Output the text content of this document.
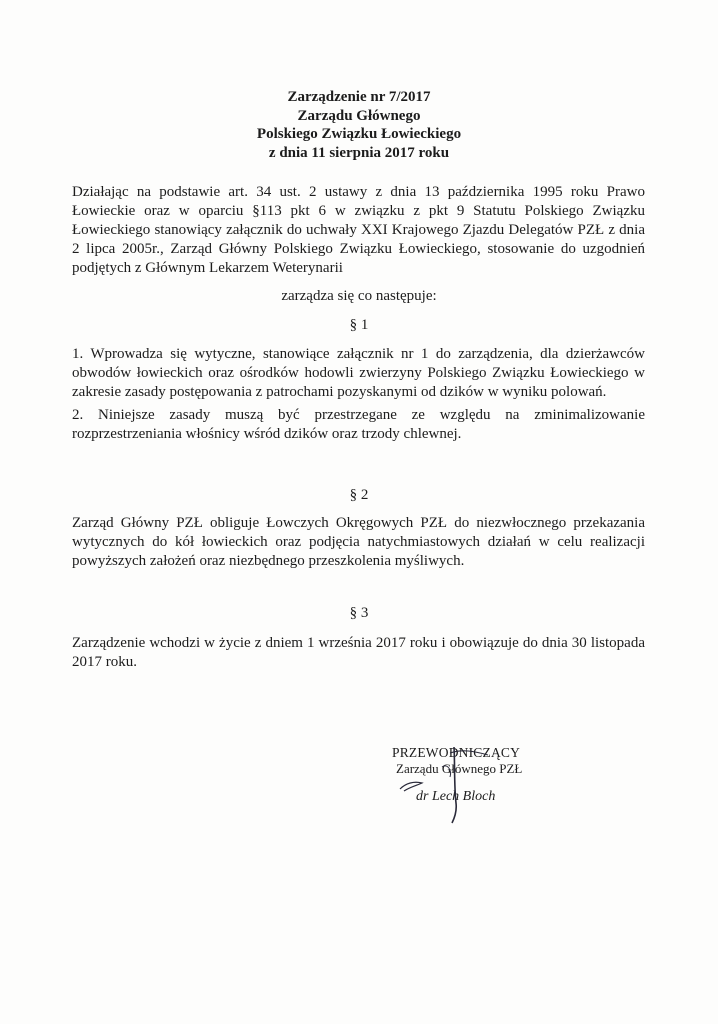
Zarządzenie nr 7/2017
Zarządu Głównego
Polskiego Związku Łowieckiego
z dnia 11 sierpnia 2017 roku
Działając na podstawie art. 34 ust. 2 ustawy z dnia 13 października 1995 roku Prawo Łowieckie oraz w oparciu §113 pkt 6 w związku z pkt 9 Statutu Polskiego Związku Łowieckiego stanowiący załącznik do uchwały XXI Krajowego Zjazdu Delegatów PZŁ z dnia 2 lipca 2005r., Zarząd Główny Polskiego Związku Łowieckiego, stosowanie do uzgodnień podjętych z Głównym Lekarzem Weterynarii
zarządza się co następuje:
§ 1
1. Wprowadza się wytyczne, stanowiące załącznik nr 1 do zarządzenia, dla dzierżawców obwodów łowieckich oraz ośrodków hodowli zwierzyny Polskiego Związku Łowieckiego w zakresie zasady postępowania z patrochami pozyskanymi od dzików w wyniku polowań.
2. Niniejsze zasady muszą być przestrzegane ze względu na zminimalizowanie rozprzestrzeniania włośnicy wśród dzików oraz trzody chlewnej.
§ 2
Zarząd Główny PZŁ obliguje Łowczych Okręgowych PZŁ do niezwłocznego przekazania wytycznych do kół łowieckich oraz podjęcia natychmiastowych działań w celu realizacji powyższych założeń oraz niezbędnego przeszkolenia myśliwych.
§ 3
Zarządzenie wchodzi w życie z dniem 1 września 2017 roku i obowiązuje do dnia 30 listopada 2017 roku.
PRZEWODNICZĄCY
Zarządu Głównego PZŁ
dr Lech Bloch
